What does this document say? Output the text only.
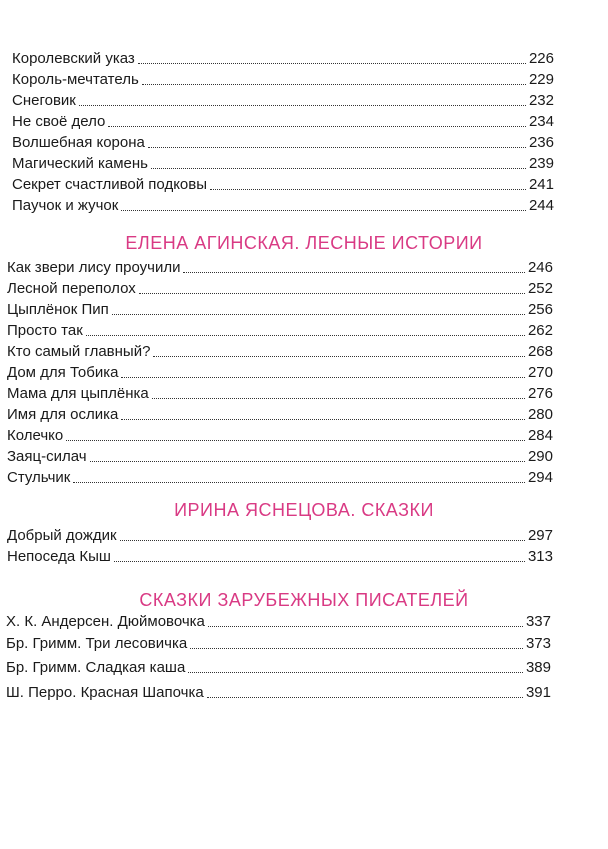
Королевский указ	226
Король-мечтатель	229
Снеговик	232
Не своё дело	234
Волшебная корона	236
Магический камень	239
Секрет счастливой подковы	241
Паучок и жучок	244
ЕЛЕНА АГИНСКАЯ. ЛЕСНЫЕ ИСТОРИИ
Как звери лису проучили	246
Лесной переполох	252
Цыплёнок Пип	256
Просто так	262
Кто самый главный?	268
Дом для Тобика	270
Мама для цыплёнка	276
Имя для ослика	280
Колечко	284
Заяц-силач	290
Стульчик	294
ИРИНА ЯСНЕЦОВА. СКАЗКИ
Добрый дождик	297
Непоседа Кыш	313
СКАЗКИ ЗАРУБЕЖНЫХ ПИСАТЕЛЕЙ
Х. К. Андерсен. Дюймовочка	337
Бр. Гримм. Три лесовичка	373
Бр. Гримм. Сладкая каша	389
Ш. Перро. Красная Шапочка	391
